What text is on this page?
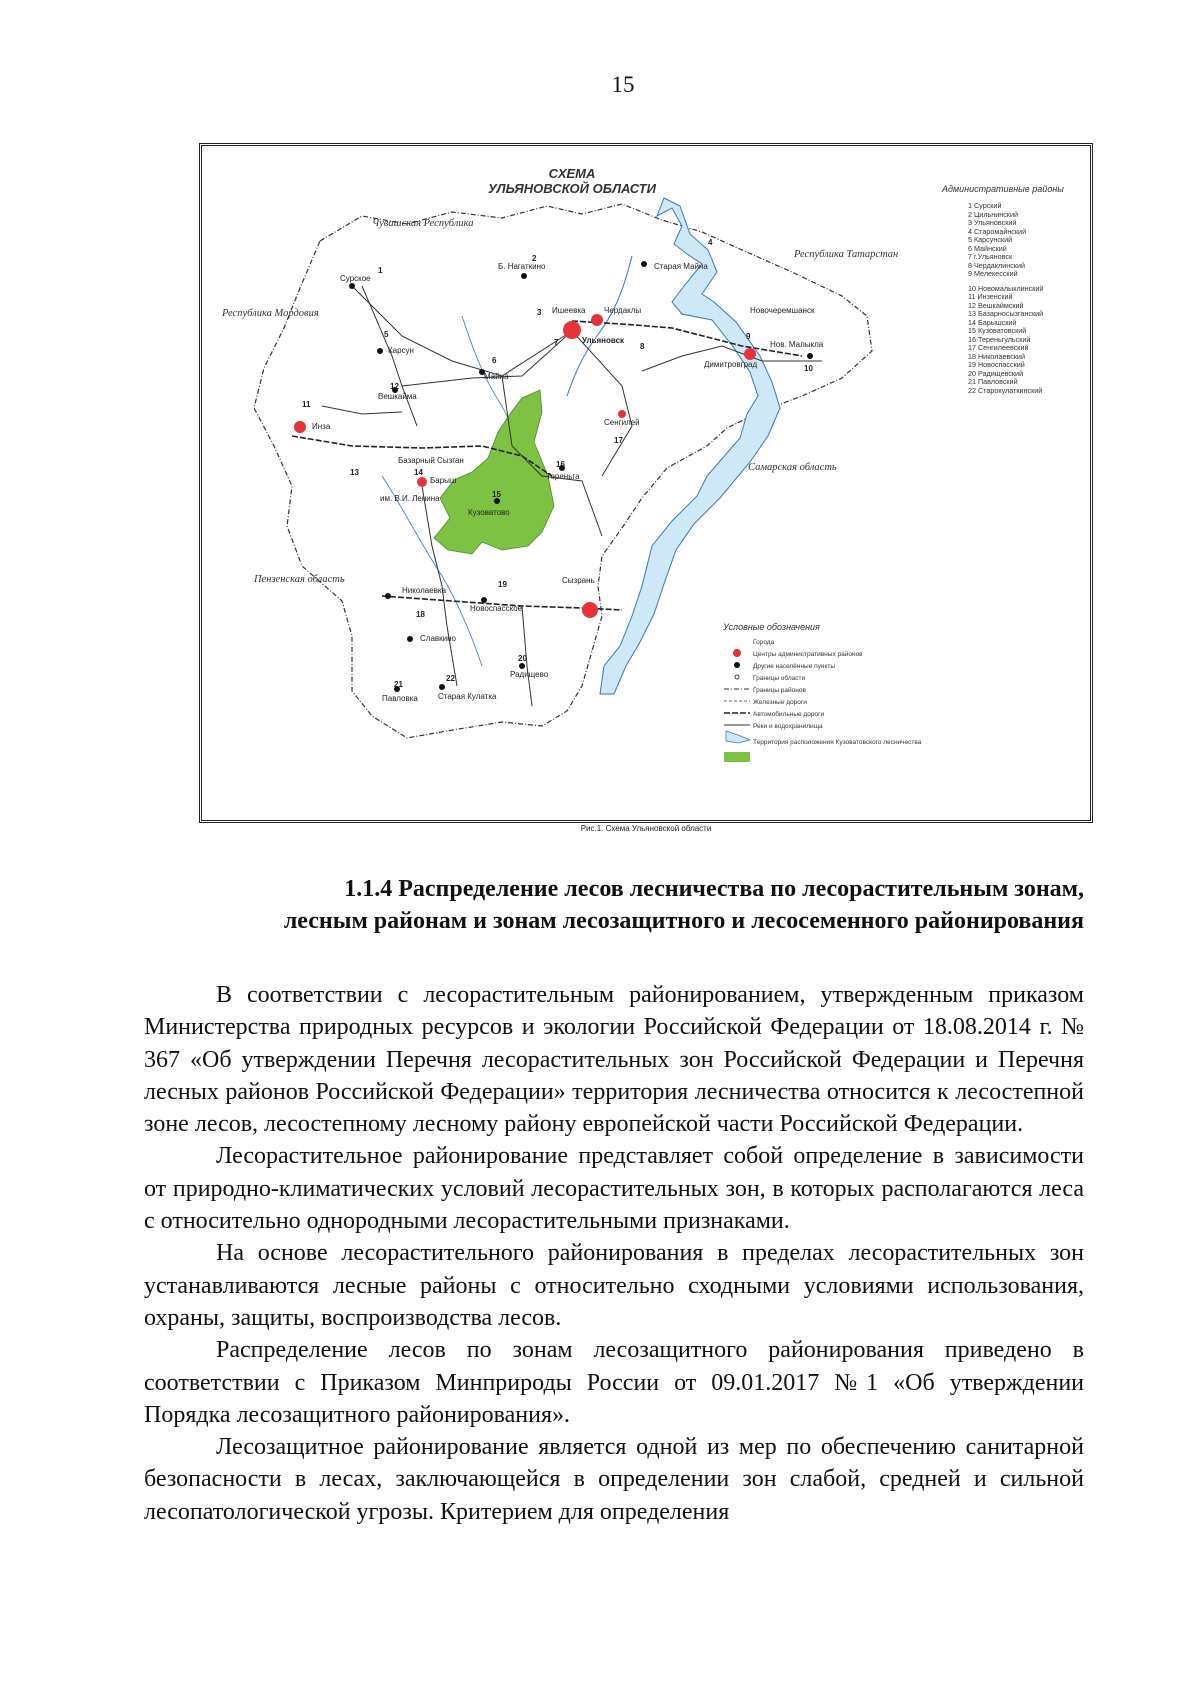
15
СХЕМА
УЛЬЯНОВСКОЙ ОБЛАСТИ	Административные районы
1 Сурский
2 Цильнинский
3 Ульяновский
4 Старомайнский
5 Карсунский
6 Майнский
7 г.Ульяновск
8 Чердаклинский
9 Мелекесский
10 Новомалыклинский
11 Инзенский
12 Вешкаймский
13 Базарносызганский
14 Барышский
15 Кузоватовский
16 Тереньгульский
17 Сенгилеевский
18 Николаевский
19 Новоспасский
20 Радищевский
21 Павловский
22 Старокулаткинский
Чувашская Республика
Республика Татарстан
Республика Мордовия
Самарская область
Пензенская область
Сурское
Б. Нагаткино
Ишеевка
Старая Майна
Чердаклы	Новочеремшанск
Ульяновск
Димитровград
Нов. Малыкла
Карсун
Майна
Вешкайма
Инза
Базарный Сызган
Барыш
им. В.И. Ленина
Кузоватово
Сенгилей
Тереньга
Николаевка
Новоспасское
Сызрань
Славкино
Радищево
Старая Кулатка
Павловка
1
2
3
4
5
6
7	8
9
10
11
12
13	14
15
16
17
18
19
20
21
22
Условные обозначения
Города
Центры административных районов
Другие населённые пункты
Границы области
Границы районов
Железные дороги
Автомобильные дороги
Реки и водохранилища
Территория расположения Кузоватовского лесничества
Рис.1. Схема Ульяновской области
1.1.4 Распределение лесов лесничества по лесорастительным зонам,
лесным районам и зонам лесозащитного и лесосеменного районирования

В соответствии с лесорастительным районированием, утвержденным приказом Министерства природных ресурсов и экологии Российской Федерации от 18.08.2014 г. № 367 «Об утверждении Перечня лесорастительных зон Российской Федерации и Перечня лесных районов Российской Федерации» территория лесничества относится к лесостепной зоне лесов, лесостепному лесному району европейской части Российской Федерации.

Лесорастительное районирование представляет собой определение в зависимости от природно-климатических условий лесорастительных зон, в которых располагаются леса с относительно однородными лесорастительными признаками.

На основе лесорастительного районирования в пределах лесорастительных зон устанавливаются лесные районы с относительно сходными условиями использования, охраны, защиты, воспроизводства лесов.

Распределение лесов по зонам лесозащитного районирования приведено в соответствии с Приказом Минприроды России от 09.01.2017 №1 «Об утверждении Порядка лесозащитного районирования».

Лесозащитное районирование является одной из мер по обеспечению санитарной безопасности в лесах, заключающейся в определении зон слабой, средней и сильной лесопатологической угрозы. Критерием для определения
